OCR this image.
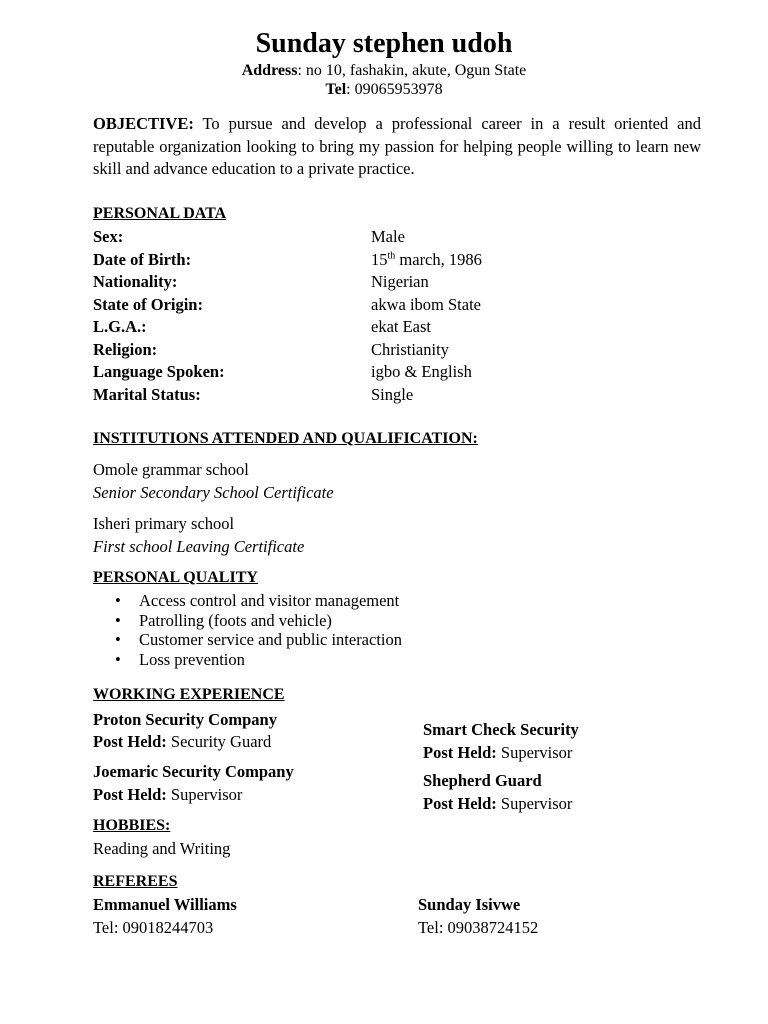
Sunday stephen udoh
Address: no 10, fashakin, akute, Ogun State
Tel: 09065953978
OBJECTIVE: To pursue and develop a professional career in a result oriented and reputable organization looking to bring my passion for helping people willing to learn new skill and advance education to a private practice.
PERSONAL DATA
Sex:	Male
Date of Birth:	15th march, 1986
Nationality:	Nigerian
State of Origin:	akwa ibom State
L.G.A.:	ekat East
Religion:	Christianity
Language Spoken:	igbo & English
Marital Status:	Single
INSTITUTIONS ATTENDED AND QUALIFICATION:
Omole grammar school
Senior Secondary School Certificate
Isheri primary school
First school Leaving Certificate
PERSONAL QUALITY
• Access control and visitor management
• Patrolling (foots and vehicle)
• Customer service and public interaction
• Loss prevention
WORKING EXPERIENCE
Proton Security Company
Post Held: Security Guard
Joemaric Security Company
Post Held: Supervisor
Smart Check Security
Post Held: Supervisor
Shepherd Guard
Post Held: Supervisor
HOBBIES:
Reading and Writing
REFEREES
Emmanuel Williams
Tel: 09018244703
Sunday Isivwe
Tel: 09038724152
